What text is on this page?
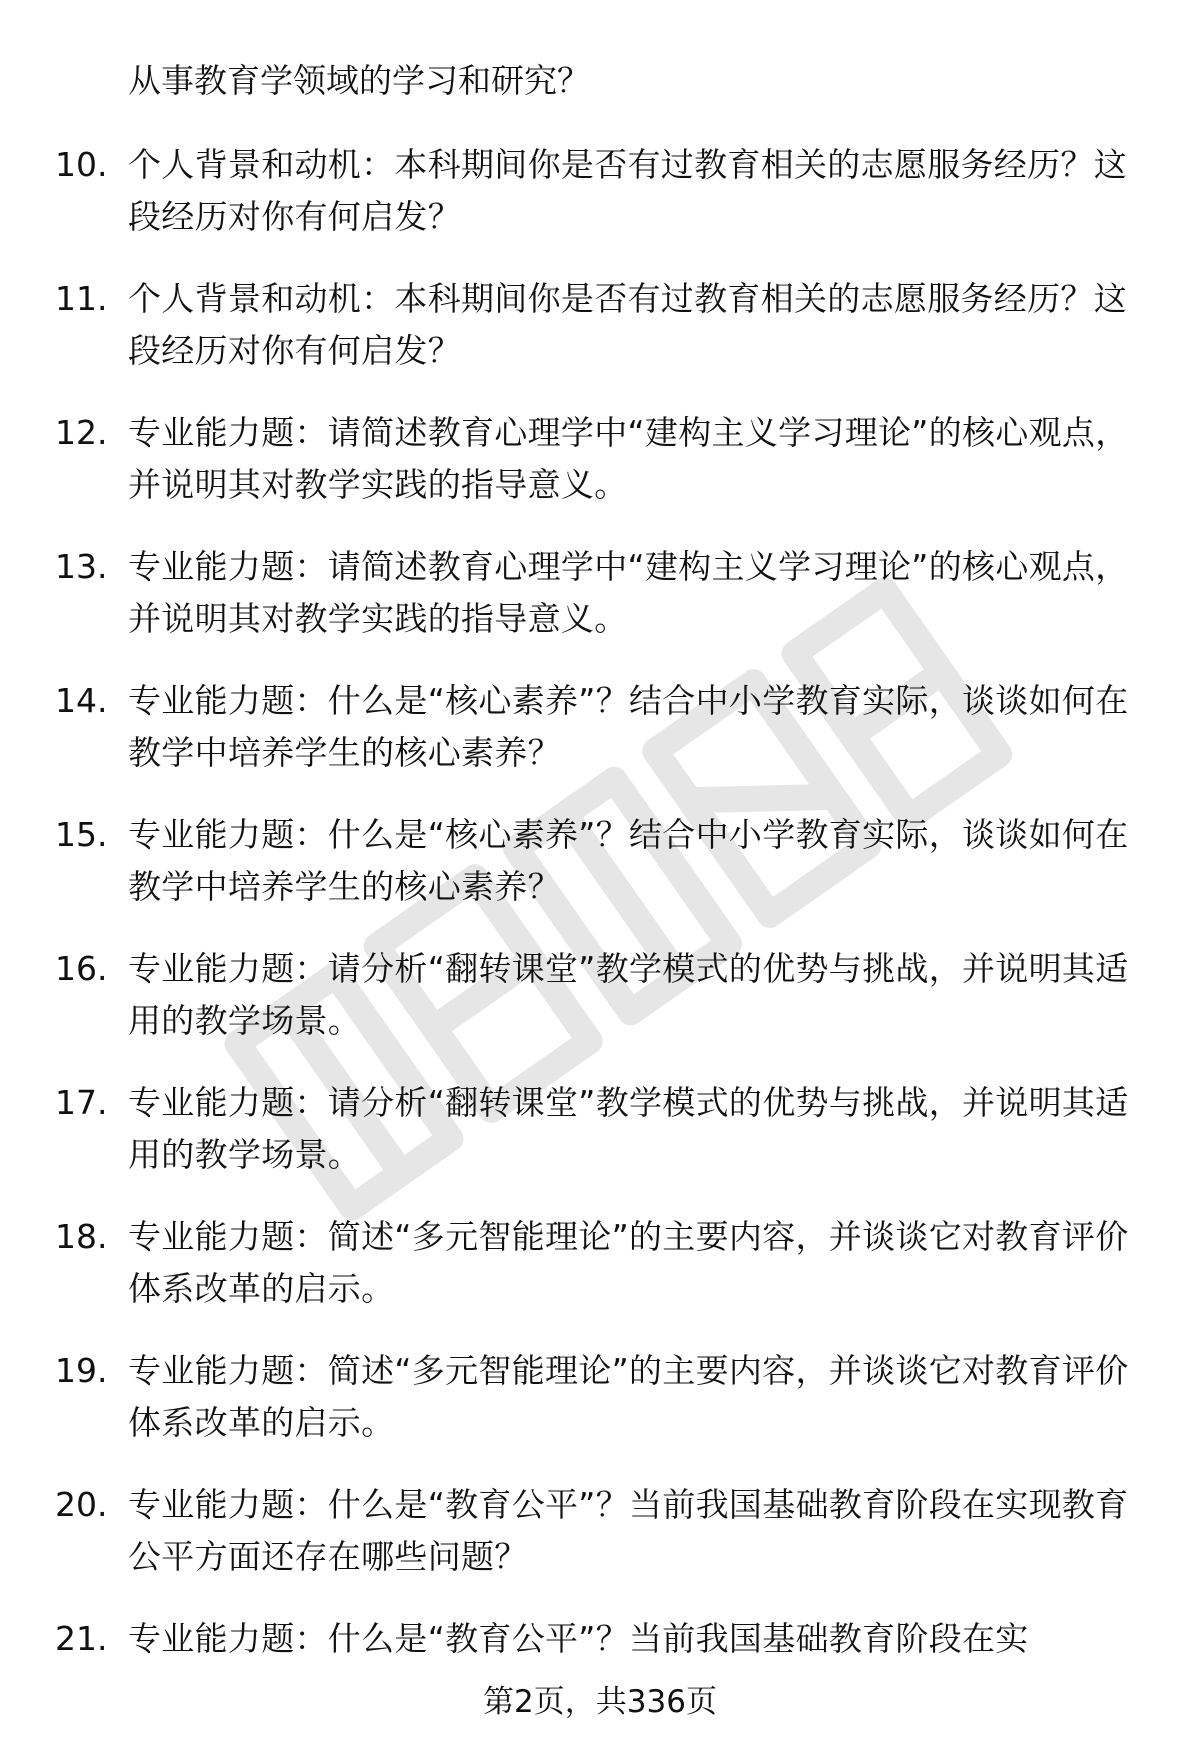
从事教育学领域的学习和研究？
10. 个人背景和动机：本科期间你是否有过教育相关的志愿服务经历？这段经历对你有何启发？
11. 个人背景和动机：本科期间你是否有过教育相关的志愿服务经历？这段经历对你有何启发？
12. 专业能力题：请简述教育心理学中“建构主义学习理论”的核心观点，并说明其对教学实践的指导意义。
13. 专业能力题：请简述教育心理学中“建构主义学习理论”的核心观点，并说明其对教学实践的指导意义。
14. 专业能力题：什么是“核心素养”？结合中小学教育实际，谈谈如何在教学中培养学生的核心素养？
15. 专业能力题：什么是“核心素养”？结合中小学教育实际，谈谈如何在教学中培养学生的核心素养？
16. 专业能力题：请分析“翻转课堂”教学模式的优势与挑战，并说明其适用的教学场景。
17. 专业能力题：请分析“翻转课堂”教学模式的优势与挑战，并说明其适用的教学场景。
18. 专业能力题：简述“多元智能理论”的主要内容，并谈谈它对教育评价体系改革的启示。
19. 专业能力题：简述“多元智能理论”的主要内容，并谈谈它对教育评价体系改革的启示。
20. 专业能力题：什么是“教育公平”？当前我国基础教育阶段在实现教育公平方面还存在哪些问题？
21. 专业能力题：什么是“教育公平”？当前我国基础教育阶段在实
第2页，共336页
